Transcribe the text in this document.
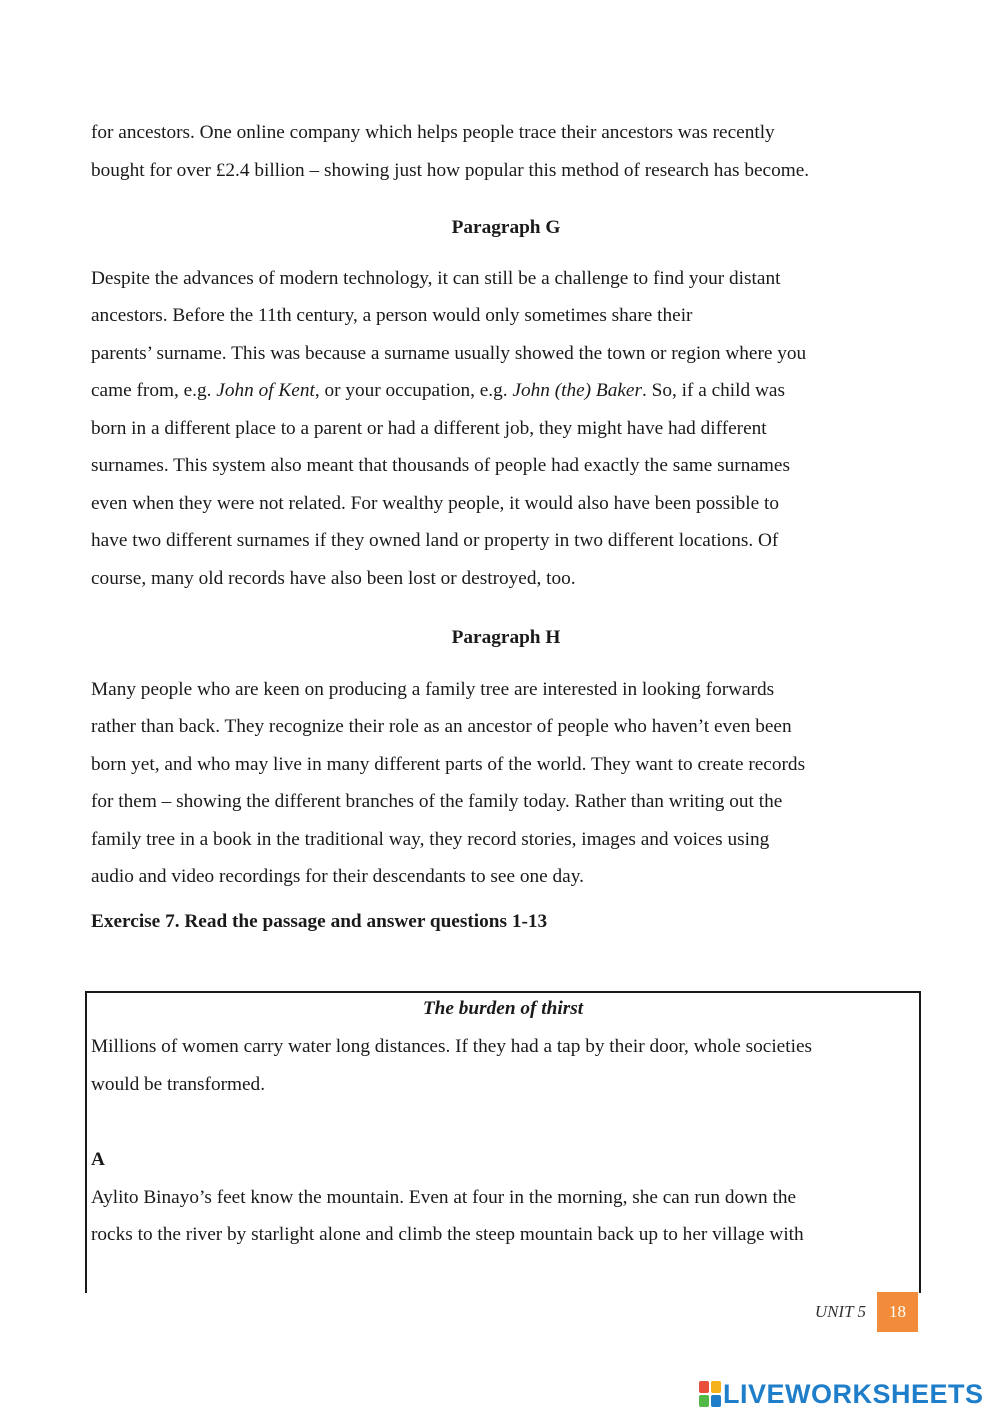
for ancestors. One online company which helps people trace their ancestors was recently

bought for over £2.4 billion – showing just how popular this method of research has become.

Paragraph G

Despite the advances of modern technology, it can still be a challenge to find your distant

ancestors. Before the 11th century, a person would only sometimes share their

parents’ surname. This was because a surname usually showed the town or region where you

came from, e.g. John of Kent, or your occupation, e.g. John (the) Baker. So, if a child was

born in a different place to a parent or had a different job, they might have had different

surnames. This system also meant that thousands of people had exactly the same surnames

even when they were not related. For wealthy people, it would also have been possible to

have two different surnames if they owned land or property in two different locations. Of

course, many old records have also been lost or destroyed, too.

Paragraph H

Many people who are keen on producing a family tree are interested in looking forwards

rather than back. They recognize their role as an ancestor of people who haven’t even been

born yet, and who may live in many different parts of the world. They want to create records

for them – showing the different branches of the family today. Rather than writing out the

family tree in a book in the traditional way, they record stories, images and voices using

audio and video recordings for their descendants to see one day.

Exercise 7. Read the passage and answer questions 1-13

The burden of thirst

Millions of women carry water long distances. If they had a tap by their door, whole societies

would be transformed.

A

Aylito Binayo’s feet know the mountain. Even at four in the morning, she can run down the

rocks to the river by starlight alone and climb the steep mountain back up to her village with

UNIT 5	18
LIVEWORKSHEETS
